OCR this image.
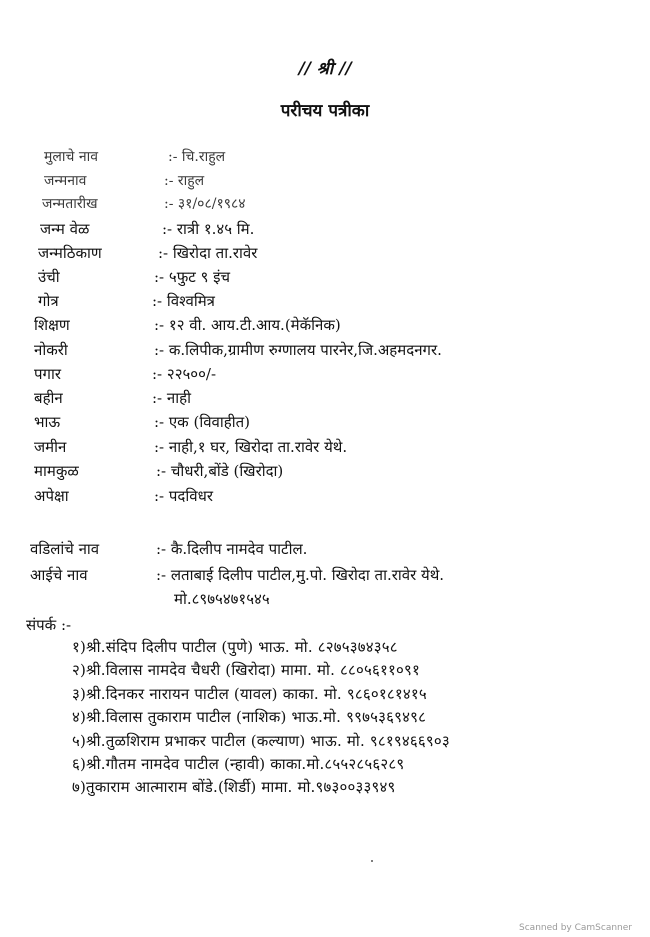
// श्री //
परीचय पत्रीका
मुलाचे नाव	:- चि.राहुल
जन्मनाव	:- राहुल
जन्मतारीख	:- ३१/०८/१९८४
जन्म वेळ	:- रात्री १.४५ मि.
जन्मठिकाण	:- खिरोदा ता.रावेर
उंची	:- ५फुट ९ इंच
गोत्र	:- विश्वमित्र
शिक्षण	:- १२ वी. आय.टी.आय.(मेकॅनिक)
नोकरी	:- क.लिपीक,ग्रामीण रुग्णालय पारनेर,जि.अहमदनगर.
पगार	:- २२५००/-
बहीन	:- नाही
भाऊ	:- एक (विवाहीत)
जमीन	:- नाही,१ घर, खिरोदा ता.रावेर येथे.
मामकुळ	:- चौधरी,बोंडे (खिरोदा)
अपेक्षा	:- पदविधर
वडिलांचे नाव	:- कै.दिलीप नामदेव पाटील.
आईचे नाव	:- लताबाई दिलीप पाटील,मु.पो. खिरोदा ता.रावेर येथे.
मो.८९७५४७१५४५
संपर्क :-
१)श्री.संदिप दिलीप पाटील (पुणे) भाऊ. मो. ८२७५३७४३५८
२)श्री.विलास नामदेव चैधरी (खिरोदा) मामा. मो. ८८०५६११०९१
३)श्री.दिनकर नारायन पाटील (यावल) काका. मो. ९८६०१८१४१५
४)श्री.विलास तुकाराम पाटील (नाशिक) भाऊ.मो. ९९७५३६९४९८
५)श्री.तुळशिराम प्रभाकर पाटील (कल्याण) भाऊ. मो. ९८१९४६६९०३
६)श्री.गौतम नामदेव पाटील (न्हावी) काका.मो.८५५२८५६२८९
७)तुकाराम आत्माराम बोंडे.(शिर्डी) मामा. मो.९७३००३३९४९
Scanned by CamScanner
